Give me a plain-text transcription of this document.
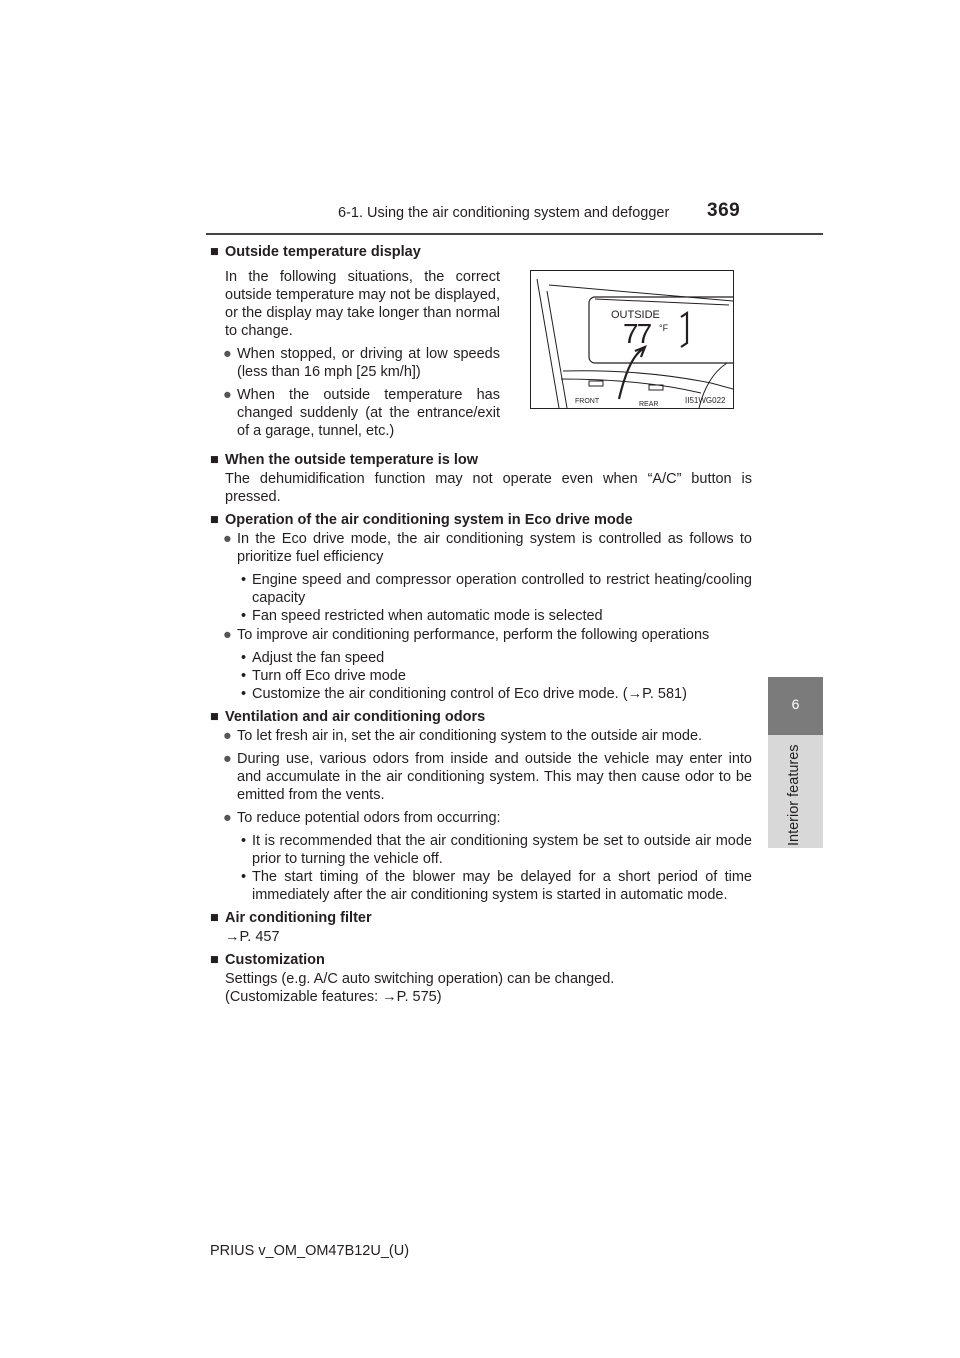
6-1. Using the air conditioning system and defogger 369
6
Interior features
OUTSIDE
77 °F
FRONT	REAR	II51WG022
■ Outside temperature display
In the following situations, the correct outside temperature may not be displayed, or the display may take longer than normal to change.
● When stopped, or driving at low speeds (less than 16 mph [25 km/h])
● When the outside temperature has changed suddenly (at the entrance/exit of a garage, tunnel, etc.)
■ When the outside temperature is low
The dehumidification function may not operate even when “A/C” button is pressed.
■ Operation of the air conditioning system in Eco drive mode
● In the Eco drive mode, the air conditioning system is controlled as follows to prioritize fuel efficiency
• Engine speed and compressor operation controlled to restrict heating/cooling capacity
• Fan speed restricted when automatic mode is selected
● To improve air conditioning performance, perform the following operations
• Adjust the fan speed
• Turn off Eco drive mode
• Customize the air conditioning control of Eco drive mode. (→P. 581)
■ Ventilation and air conditioning odors
● To let fresh air in, set the air conditioning system to the outside air mode.
● During use, various odors from inside and outside the vehicle may enter into and accumulate in the air conditioning system. This may then cause odor to be emitted from the vents.
● To reduce potential odors from occurring:
• It is recommended that the air conditioning system be set to outside air mode prior to turning the vehicle off.
• The start timing of the blower may be delayed for a short period of time immediately after the air conditioning system is started in automatic mode.
■ Air conditioning filter
→P. 457
■ Customization
Settings (e.g. A/C auto switching operation) can be changed.
(Customizable features: →P. 575)
PRIUS v_OM_OM47B12U_(U)
